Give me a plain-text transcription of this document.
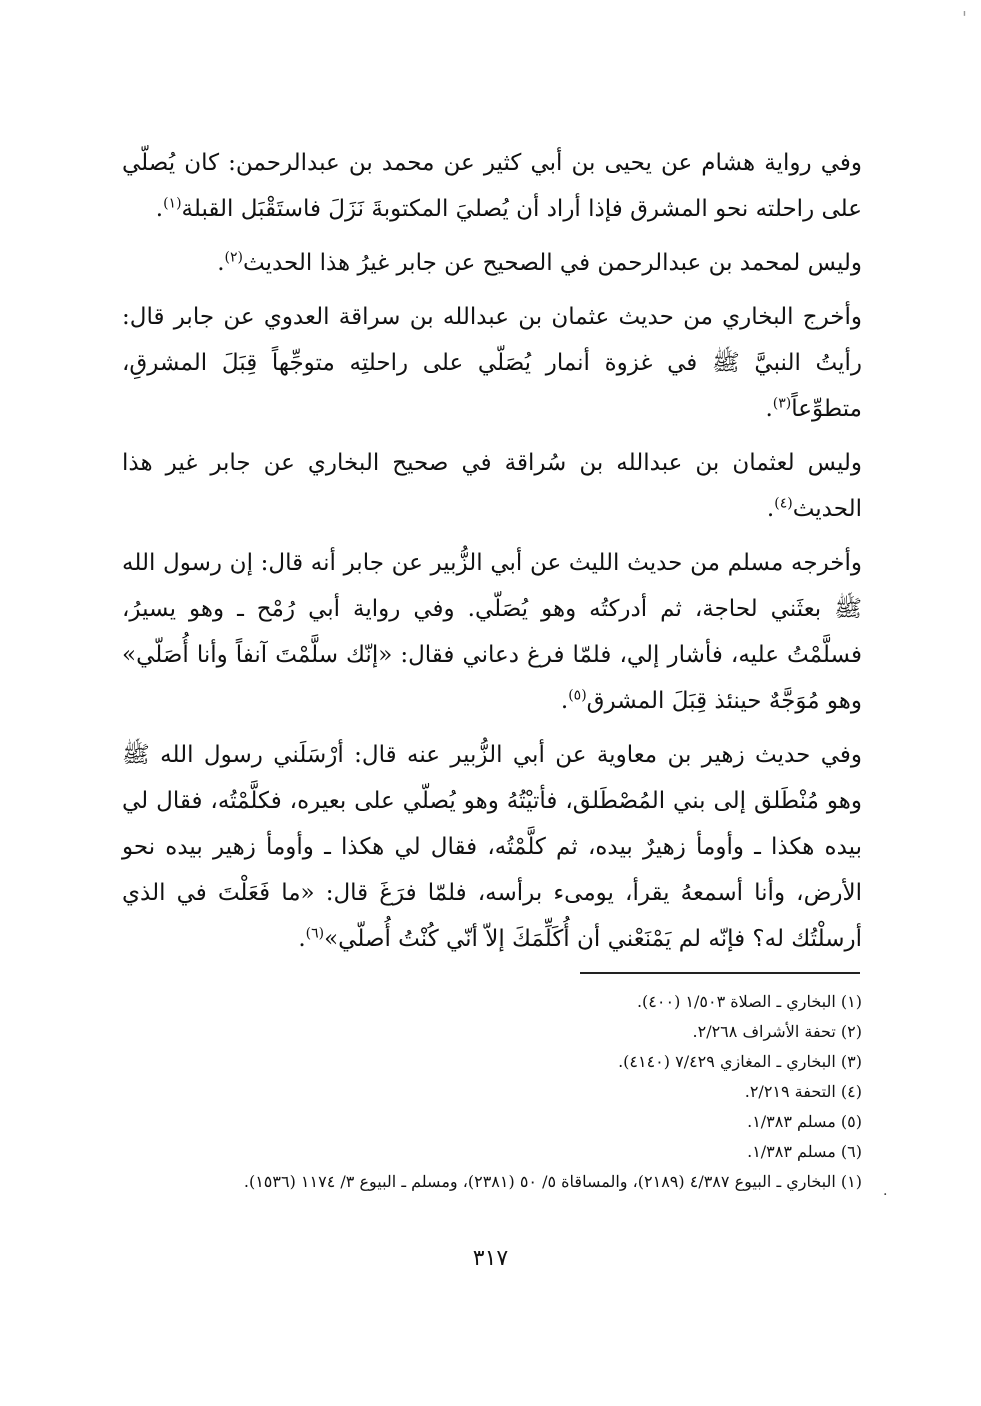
'

وفي رواية هشام عن يحيى بن أبي كثير عن محمد بن عبدالرحمن: كان يُصلّي على راحلته نحو المشرق فإذا أراد أن يُصليَ المكتوبةَ نَزَلَ فاستَقْبَل القبلة$^{(١)}$.

وليس لمحمد بن عبدالرحمن في الصحيح عن جابر غيرُ هذا الحديث$^{(٢)}$.

وأخرج البخاري من حديث عثمان بن عبدالله بن سراقة العدوي عن جابر قال: رأيتُ النبيَّ ﷺ في غزوة أنمار يُصَلّي على راحلتِه متوجِّهاً قِبَلَ المشرقِ، متطوِّعاً$^{(٣)}$.

وليس لعثمان بن عبدالله بن سُراقة في صحيح البخاري عن جابر غير هذا الحديث$^{(٤)}$.

وأخرجه مسلم من حديث الليث عن أبي الزُّبير عن جابر أنه قال: إن رسول الله ﷺ بعثَني لحاجة، ثم أدركتُه وهو يُصَلّي. وفي رواية أبي رُمْح ـ وهو يسيرُ، فسلَّمْتُ عليه، فأشار إلي، فلمّا فرغ دعاني فقال: «إنّك سلَّمْتَ آنفاً وأنا أُصَلّي» وهو مُوَجَّهٌ حينئذ قِبَلَ المشرق$^{(٥)}$.

وفي حديث زهير بن معاوية عن أبي الزُّبير عنه قال: أرْسَلَني رسول الله ﷺ وهو مُنْطَلق إلى بني المُصْطَلق، فأتيْتُهُ وهو يُصلّي على بعيره، فكلَّمْتُه، فقال لي بيده هكذا ـ وأومأ زهيرٌ بيده، ثم كلَّمْتُه، فقال لي هكذا ـ وأومأ زهير بيده نحو الأرض، وأنا أسمعهُ يقرأ، يومىء برأسه، فلمّا فرَغَ قال: «ما فَعَلْتَ في الذي أرسلْتُك له؟ فإنّه لم يَمْنَعْني أن أُكَلِّمَكَ إلاّ أنّي كُنْتُ أُصلّي»$^{(٦)}$.

(١) البخاري ـ الصلاة ١/٥٠٣ (٤٠٠).

(٢) تحفة الأشراف ٢/٢٦٨.

(٣) البخاري ـ المغازي ٧/٤٢٩ (٤١٤٠).

(٤) التحفة ٢/٢١٩.

(٥) مسلم ١/٣٨٣.

(٦) مسلم ١/٣٨٣.

(١) البخاري ـ البيوع ٤/٣٨٧ (٢١٨٩)، والمساقاة ٥/ ٥٠ (٢٣٨١)، ومسلم ـ البيوع ٣/ ١١٧٤ (١٥٣٦). .
٣١٧
